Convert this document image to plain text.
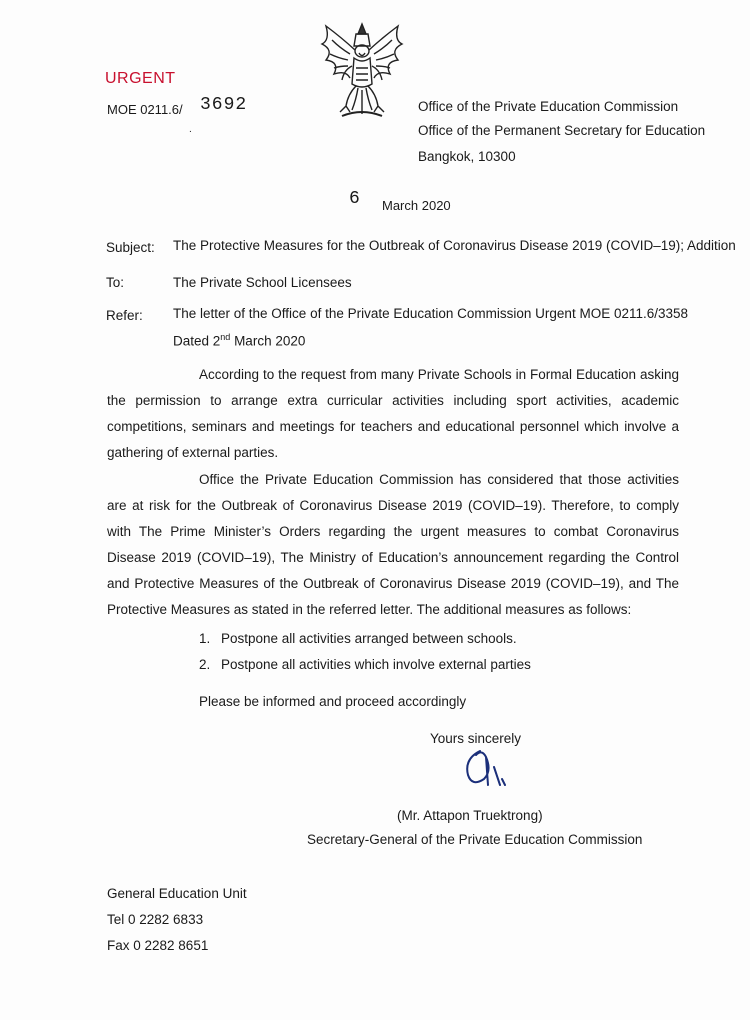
URGENT
MOE 0211.6/ 3692
.
Office of the Private Education Commission
Office of the Permanent Secretary for Education
Bangkok, 10300
6 March 2020
Subject: The Protective Measures for the Outbreak of Coronavirus Disease 2019 (COVID–19); Addition
To:	The Private School Licensees
Refer: The letter of the Office of the Private Education Commission Urgent MOE 0211.6/3358
Dated 2nd March 2020
According to the request from many Private Schools in Formal Education asking the permission to arrange extra curricular activities including sport activities, academic competitions, seminars and meetings for teachers and educational personnel which involve a gathering of external parties.
Office the Private Education Commission has considered that those activities are at risk for the Outbreak of Coronavirus Disease 2019 (COVID–19). Therefore, to comply with The Prime Minister’s Orders regarding the urgent measures to combat Coronavirus Disease 2019 (COVID–19), The Ministry of Education’s announcement regarding the Control and Protective Measures of the Outbreak of Coronavirus Disease 2019 (COVID–19), and The Protective Measures as stated in the referred letter. The additional measures as follows:
1. Postpone all activities arranged between schools.
2. Postpone all activities which involve external parties
Please be informed and proceed accordingly
Yours sincerely
(Mr. Attapon Truektrong)
Secretary-General of the Private Education Commission
General Education Unit
Tel 0 2282 6833
Fax 0 2282 8651
